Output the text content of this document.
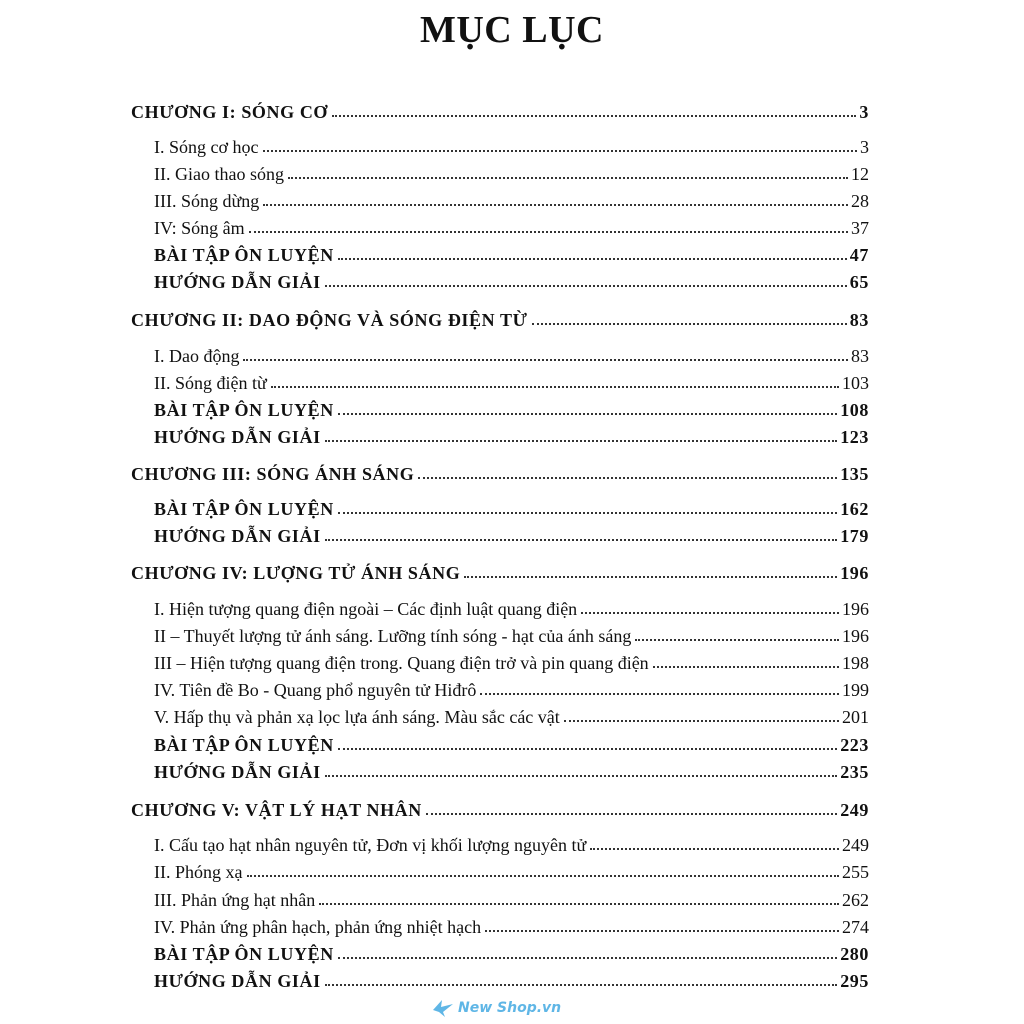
MỤC LỤC
CHƯƠNG I: SÓNG CƠ	3
I. Sóng cơ học	3
II. Giao thao sóng	12
III. Sóng dừng	28
IV: Sóng âm	37
BÀI TẬP ÔN LUYỆN	47
HƯỚNG DẪN GIẢI	65
CHƯƠNG II: DAO ĐỘNG VÀ SÓNG ĐIỆN TỪ	83
I. Dao động	83
II. Sóng điện từ	103
BÀI TẬP ÔN LUYỆN	108
HƯỚNG DẪN GIẢI	123
CHƯƠNG III: SÓNG ÁNH SÁNG	135
BÀI TẬP ÔN LUYỆN	162
HƯỚNG DẪN GIẢI	179
CHƯƠNG IV: LƯỢNG TỬ ÁNH SÁNG	196
I. Hiện tượng quang điện ngoài – Các định luật quang điện	196
II – Thuyết lượng tử ánh sáng. Lưỡng tính sóng - hạt của ánh sáng	196
III – Hiện tượng quang điện trong. Quang điện trở và pin quang điện	198
IV. Tiên đề Bo - Quang phổ nguyên tử Hiđrô	199
V. Hấp thụ và phản xạ lọc lựa ánh sáng. Màu sắc các vật	201
BÀI TẬP ÔN LUYỆN	223
HƯỚNG DẪN GIẢI	235
CHƯƠNG V: VẬT LÝ HẠT NHÂN	249
I. Cấu tạo hạt nhân nguyên tử, Đơn vị khối lượng nguyên tử	249
II. Phóng xạ	255
III. Phản ứng hạt nhân	262
IV. Phản ứng phân hạch, phản ứng nhiệt hạch	274
BÀI TẬP ÔN LUYỆN	280
HƯỚNG DẪN GIẢI	295
New Shop.vn
